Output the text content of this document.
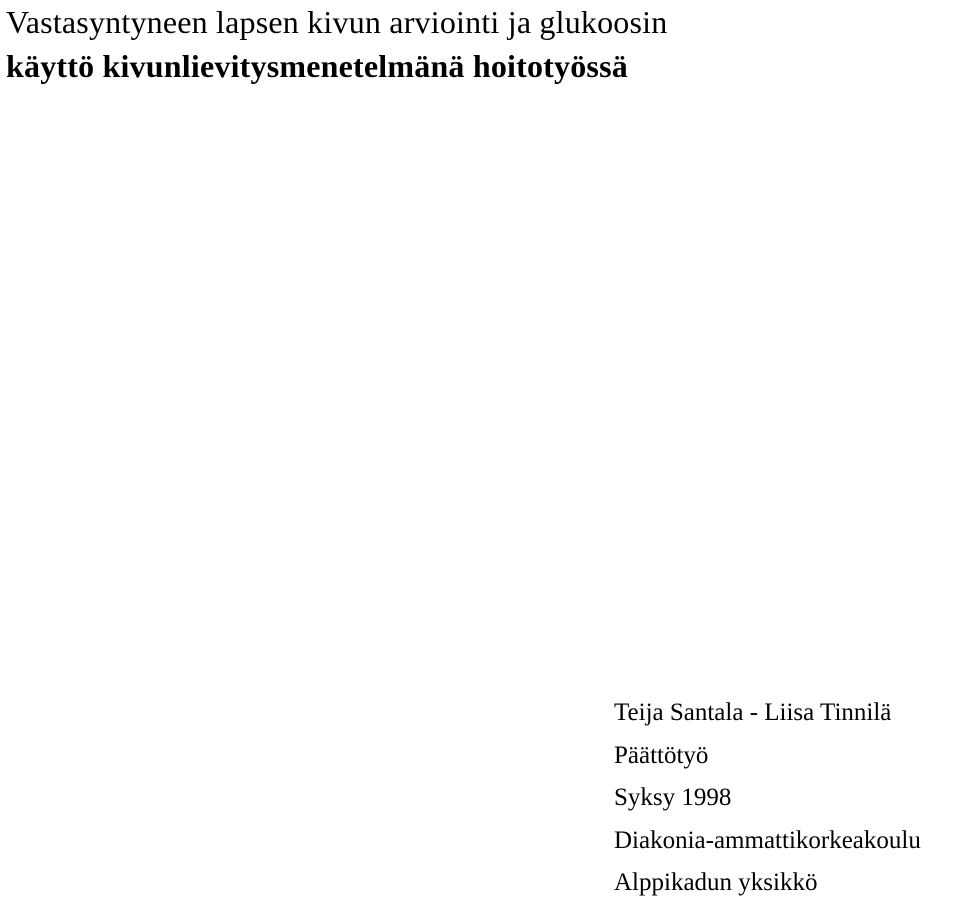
Vastasyntyneen lapsen kivun arviointi ja glukoosin
käyttö kivunlievitysmenetelmänä hoitotyössä
Teija Santala - Liisa Tinnilä
Päättötyö
Syksy 1998
Diakonia-ammattikorkeakoulu
Alppikadun yksikkö
